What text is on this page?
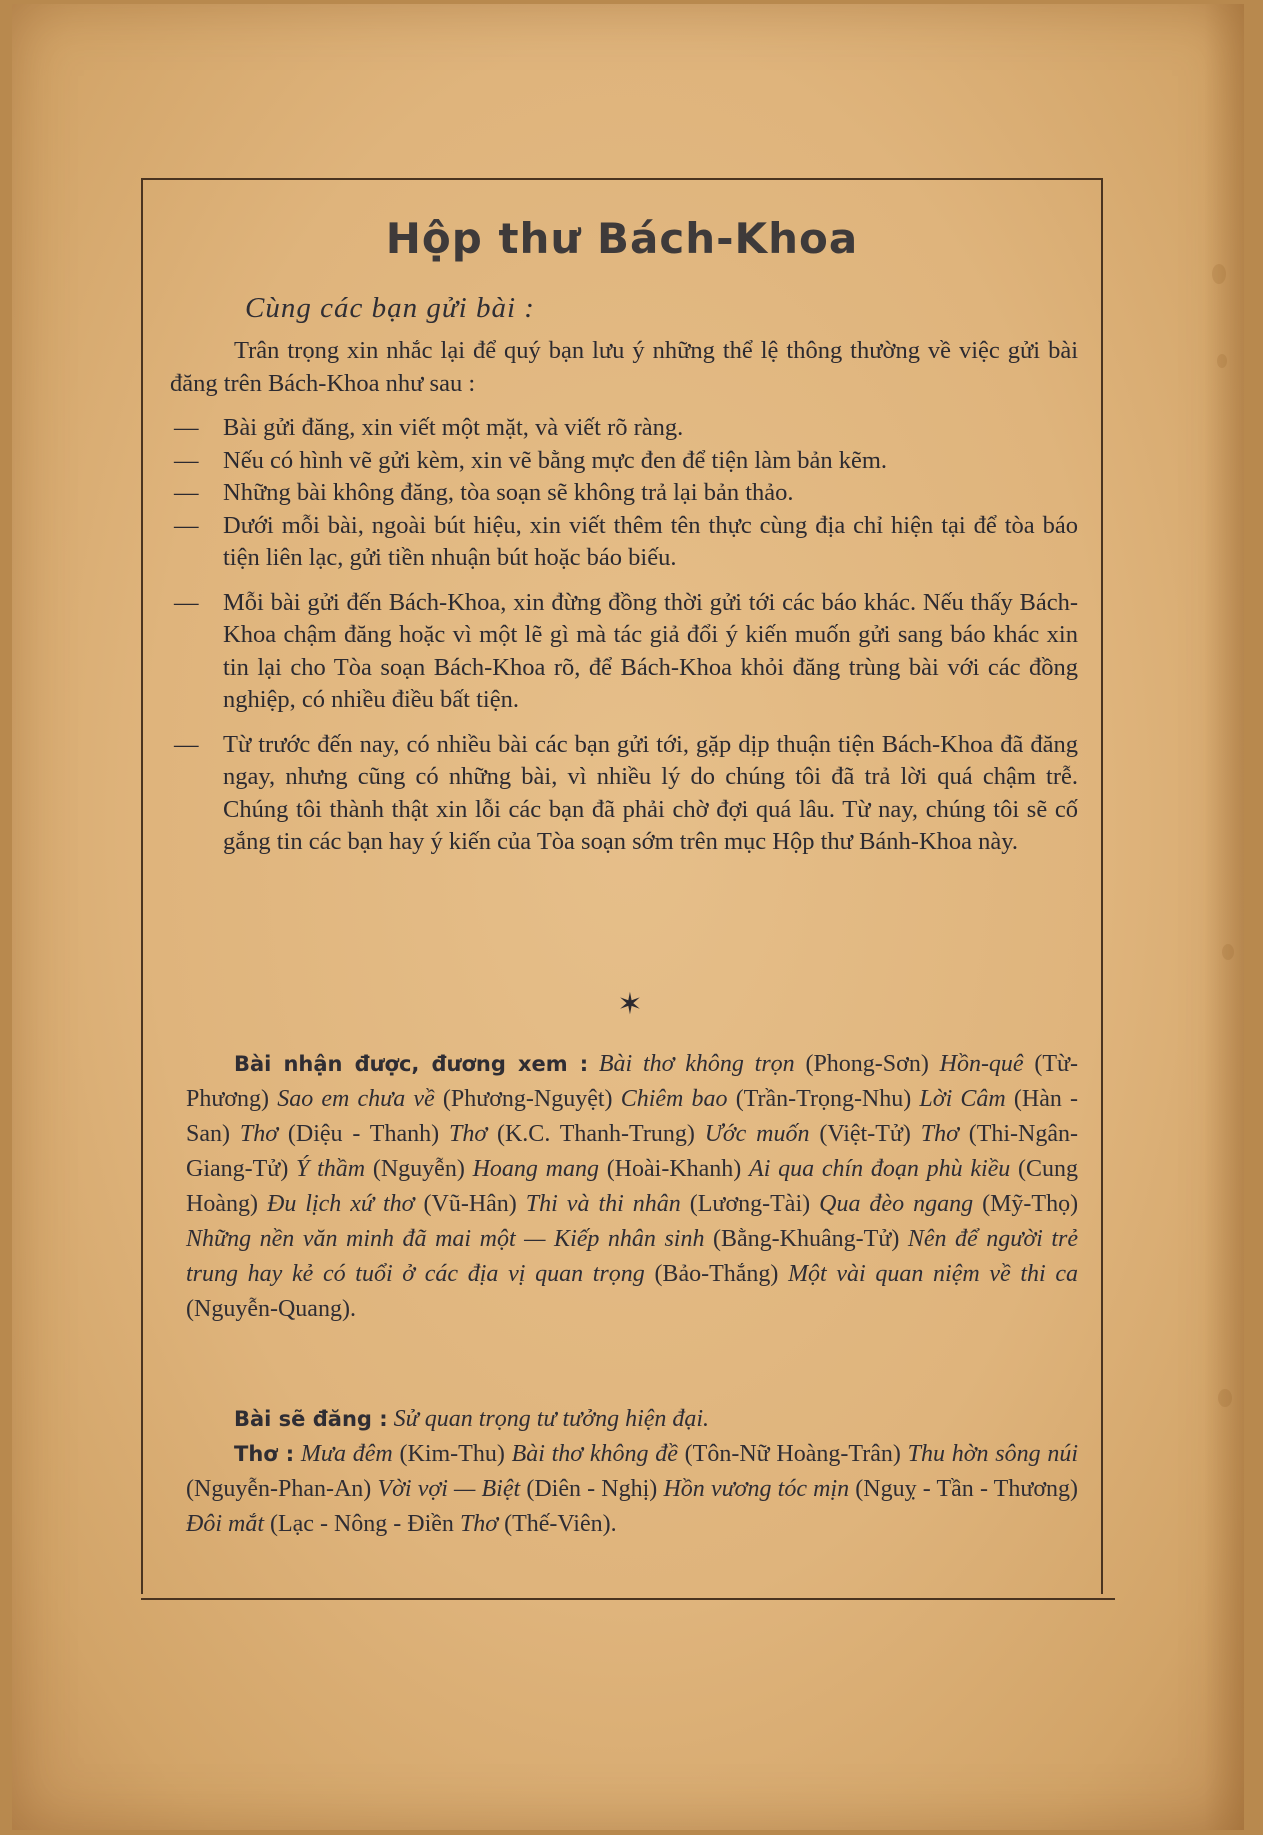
Hộp thư Bách-Khoa
Cùng các bạn gửi bài :

Trân trọng xin nhắc lại để quý bạn lưu ý những thể lệ thông thường về việc gửi bài đăng trên Bách-Khoa như sau :

— Bài gửi đăng, xin viết một mặt, và viết rõ ràng.

— Nếu có hình vẽ gửi kèm, xin vẽ bằng mực đen để tiện làm bản kẽm.

— Những bài không đăng, tòa soạn sẽ không trả lại bản thảo.

— Dưới mỗi bài, ngoài bút hiệu, xin viết thêm tên thực cùng địa chỉ hiện tại để tòa báo tiện liên lạc, gửi tiền nhuận bút hoặc báo biếu.

— Mỗi bài gửi đến Bách-Khoa, xin đừng đồng thời gửi tới các báo khác. Nếu thấy Bách-Khoa chậm đăng hoặc vì một lẽ gì mà tác giả đổi ý kiến muốn gửi sang báo khác xin tin lại cho Tòa soạn Bách-Khoa rõ, để Bách-Khoa khỏi đăng trùng bài với các đồng nghiệp, có nhiều điều bất tiện.

— Từ trước đến nay, có nhiều bài các bạn gửi tới, gặp dịp thuận tiện Bách-Khoa đã đăng ngay, nhưng cũng có những bài, vì nhiều lý do chúng tôi đã trả lời quá chậm trễ. Chúng tôi thành thật xin lỗi các bạn đã phải chờ đợi quá lâu. Từ nay, chúng tôi sẽ cố gắng tin các bạn hay ý kiến của Tòa soạn sớm trên mục Hộp thư Bánh-Khoa này.

✶

Bài nhận được, đương xem : Bài thơ không trọn (Phong-Sơn) Hồn-quê (Từ-Phương) Sao em chưa về (Phương-Nguyệt) Chiêm bao (Trần-Trọng-Nhu) Lời Câm (Hàn - San) Thơ (Diệu - Thanh) Thơ (K.C. Thanh-Trung) Ước muốn (Việt-Tử) Thơ (Thi-Ngân-Giang-Tử) Ý thầm (Nguyễn) Hoang mang (Hoài-Khanh) Ai qua chín đoạn phù kiều (Cung Hoàng) Đu lịch xứ thơ (Vũ-Hân) Thi và thi nhân (Lương-Tài) Qua đèo ngang (Mỹ-Thọ) Những nền văn minh đã mai một — Kiếp nhân sinh (Bằng-Khuâng-Tử) Nên để người trẻ trung hay kẻ có tuổi ở các địa vị quan trọng (Bảo-Thắng) Một vài quan niệm về thi ca (Nguyễn-Quang).

Bài sẽ đăng : Sử quan trọng tư tưởng hiện đại.

Thơ : Mưa đêm (Kim-Thu) Bài thơ không đề (Tôn-Nữ Hoàng-Trân) Thu hờn sông núi (Nguyễn-Phan-An) Vời vợi — Biệt (Diên - Nghị) Hồn vương tóc mịn (Nguỵ - Tần - Thương) Đôi mắt (Lạc - Nông - Điền Thơ (Thế-Viên).
